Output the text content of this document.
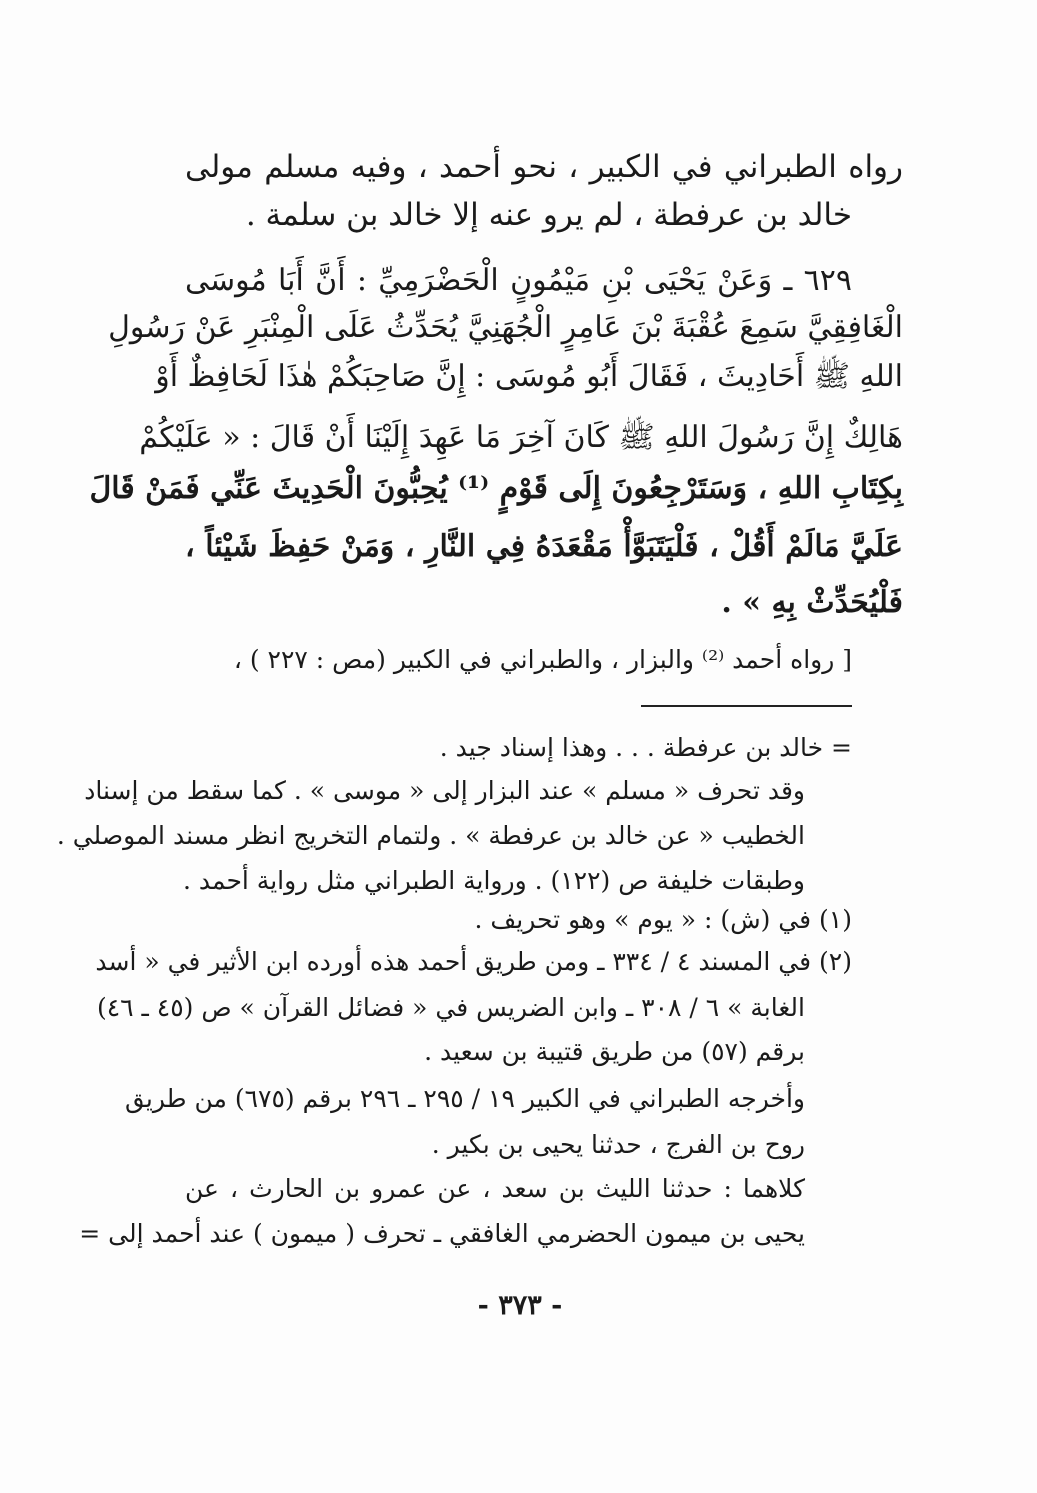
رواه الطبراني في الكبير ، نحو أحمد ، وفيه مسلم مولى
خالد بن عرفطة ، لم يرو عنه إلا خالد بن سلمة .
٦٢٩ ـ وَعَنْ يَحْيَى بْنِ مَيْمُونٍ الْحَضْرَمِيِّ : أَنَّ أَبَا مُوسَى
الْغَافِقِيَّ سَمِعَ عُقْبَةَ بْنَ عَامِرٍ الْجُهَنِيَّ يُحَدِّثُ عَلَى الْمِنْبَرِ عَنْ رَسُولِ
اللهِ ﷺ أَحَادِيثَ ، فَقَالَ أَبُو مُوسَى : إِنَّ صَاحِبَكُمْ هٰذَا لَحَافِظٌ أَوْ
هَالِكٌ إِنَّ رَسُولَ اللهِ ﷺ كَانَ آخِرَ مَا عَهِدَ إِلَيْنَا أَنْ قَالَ : « عَلَيْكُمْ
بِكِتَابِ اللهِ ، وَسَتَرْجِعُونَ إِلَى قَوْمٍ ⁽¹⁾ يُحِبُّونَ الْحَدِيثَ عَنِّي فَمَنْ قَالَ
عَلَيَّ مَالَمْ أَقُلْ ، فَلْيَتَبَوَّأْ مَقْعَدَهُ فِي النَّارِ ، وَمَنْ حَفِظَ شَيْئاً ،
فَلْيُحَدِّثْ بِهِ » .
[ رواه أحمد ⁽²⁾ والبزار ، والطبراني في الكبير (مص : ٢٢٧ ) ،
= خالد بن عرفطة . . . وهذا إسناد جيد .
وقد تحرف « مسلم » عند البزار إلى « موسى » . كما سقط من إسناد
الخطيب « عن خالد بن عرفطة » . ولتمام التخريج انظر مسند الموصلي .
وطبقات خليفة ص (١٢٢) . ورواية الطبراني مثل رواية أحمد .
(١) في (ش) : « يوم » وهو تحريف .
(٢) في المسند ٤ / ٣٣٤ ـ ومن طريق أحمد هذه أورده ابن الأثير في « أسد
الغابة » ٦ / ٣٠٨ ـ وابن الضريس في « فضائل القرآن » ص (٤٥ ـ ٤٦)
برقم (٥٧) من طريق قتيبة بن سعيد .
وأخرجه الطبراني في الكبير ١٩ / ٢٩٥ ـ ٢٩٦ برقم (٦٧٥) من طريق
روح بن الفرج ، حدثنا يحيى بن بكير .
كلاهما : حدثنا الليث بن سعد ، عن عمرو بن الحارث ، عن
يحيى بن ميمون الحضرمي الغافقي ـ تحرف ( ميمون ) عند أحمد إلى =
- ٣٧٣ -
